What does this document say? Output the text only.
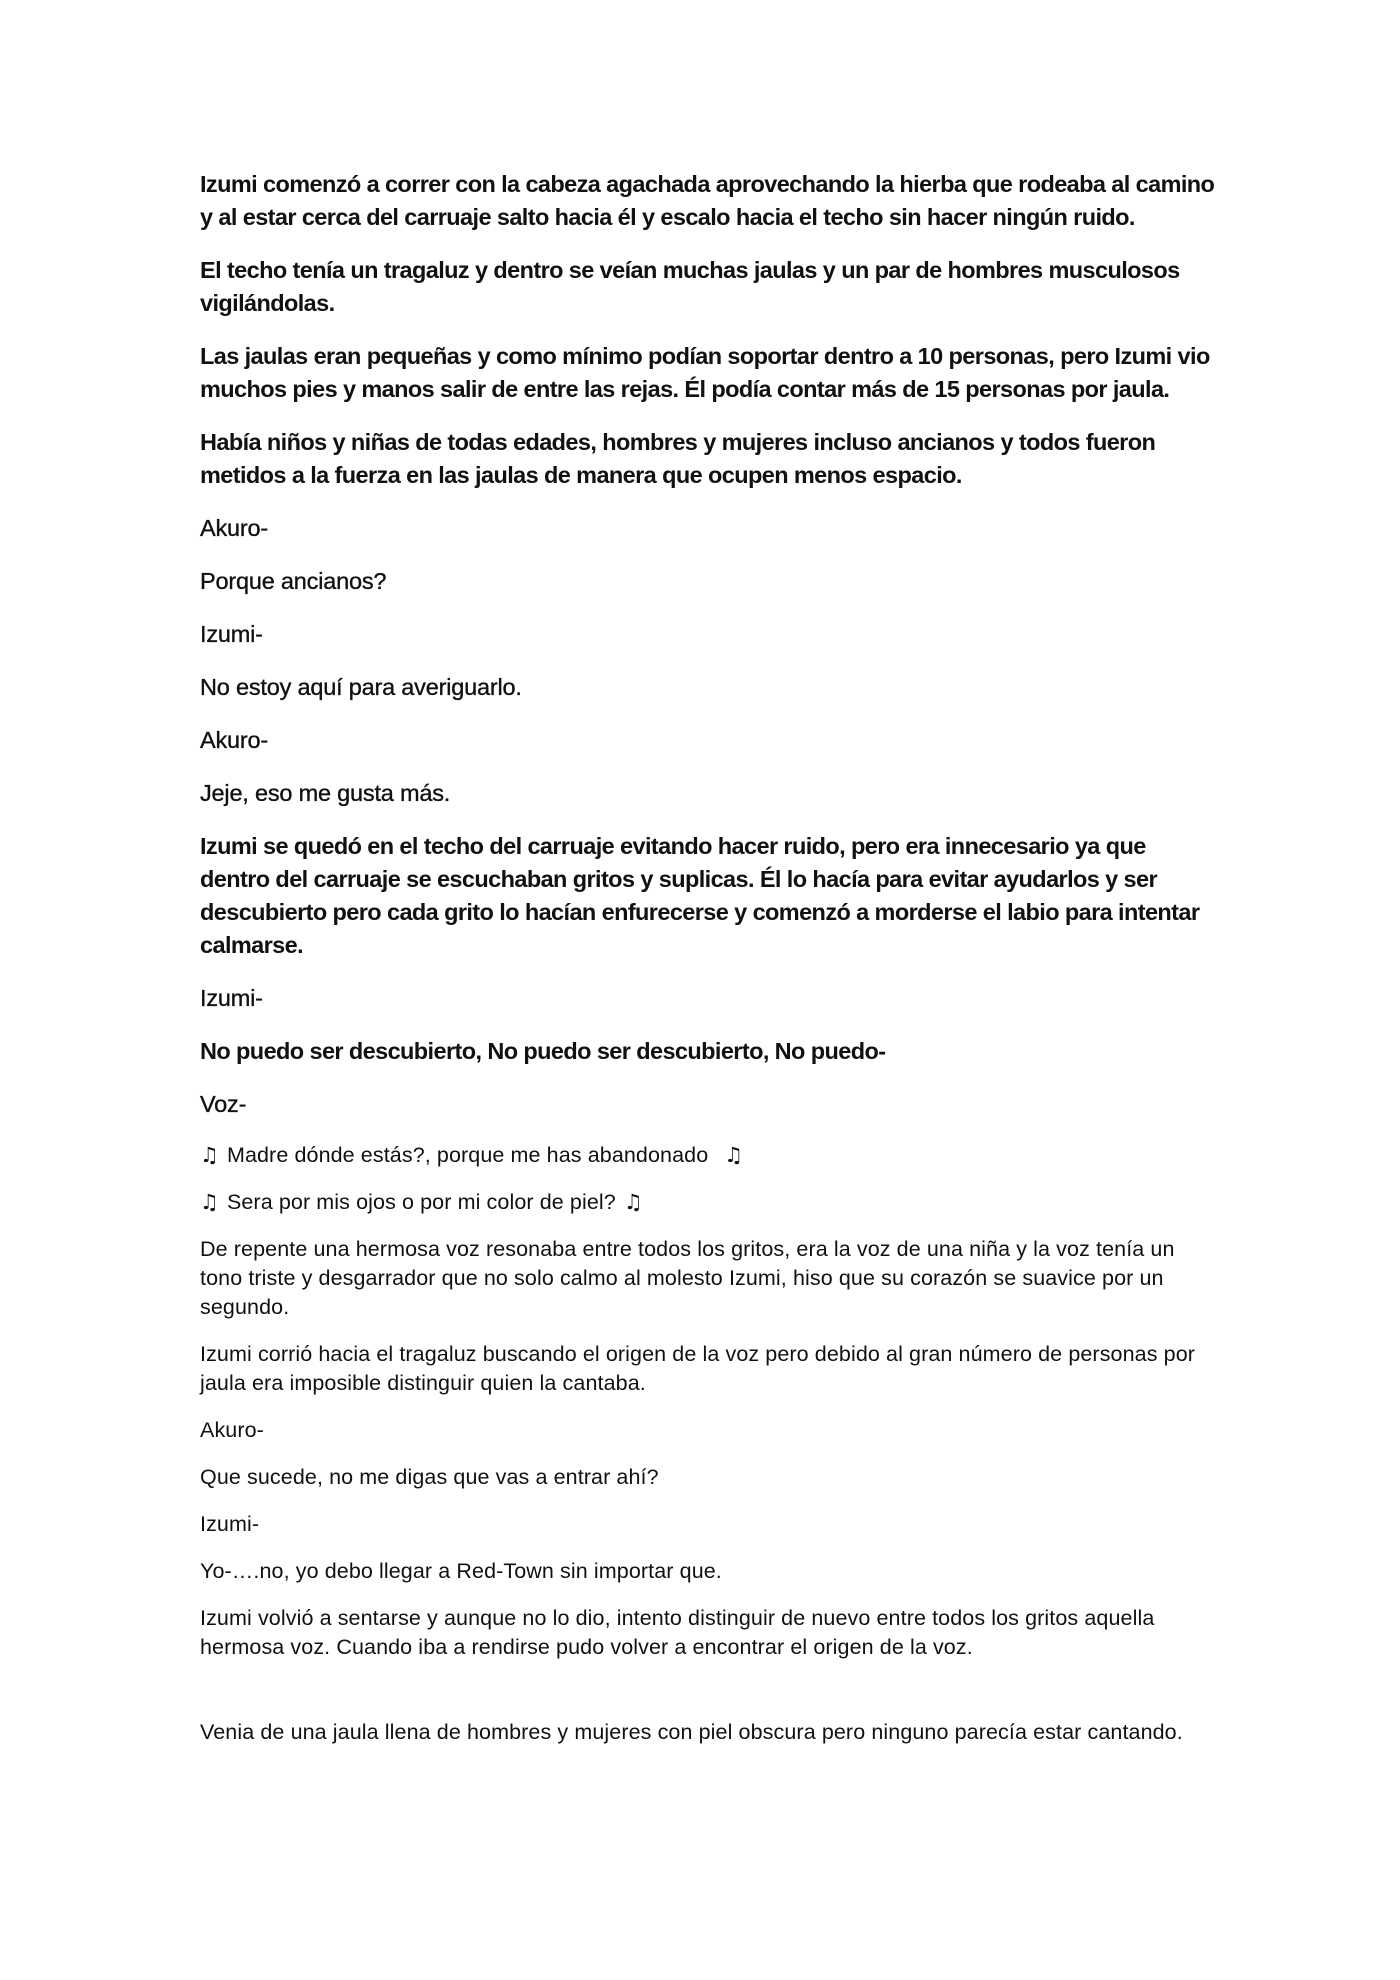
Izumi comenzó a correr con la cabeza agachada aprovechando la hierba que rodeaba al camino y al estar cerca del carruaje salto hacia él y escalo hacia el techo sin hacer ningún ruido.

El techo tenía un tragaluz y dentro se veían muchas jaulas y un par de hombres musculosos vigilándolas.

Las jaulas eran pequeñas y como mínimo podían soportar dentro a 10 personas, pero Izumi vio muchos pies y manos salir de entre las rejas. Él podía contar más de 15 personas por jaula.

Había niños y niñas de todas edades, hombres y mujeres incluso ancianos y todos fueron metidos a la fuerza en las jaulas de manera que ocupen menos espacio.

Akuro-

Porque ancianos?

Izumi-

No estoy aquí para averiguarlo.

Akuro-

Jeje, eso me gusta más.

Izumi se quedó en el techo del carruaje evitando hacer ruido, pero era innecesario ya que dentro del carruaje se escuchaban gritos y suplicas. Él lo hacía para evitar ayudarlos y ser descubierto pero cada grito lo hacían enfurecerse y comenzó a morderse el labio para intentar calmarse.

Izumi-

No puedo ser descubierto, No puedo ser descubierto, No puedo-

Voz-

♫ Madre dónde estás?, porque me has abandonado ♫

♫ Sera por mis ojos o por mi color de piel? ♫

De repente una hermosa voz resonaba entre todos los gritos, era la voz de una niña y la voz tenía un tono triste y desgarrador que no solo calmo al molesto Izumi, hiso que su corazón se suavice por un segundo.

Izumi corrió hacia el tragaluz buscando el origen de la voz pero debido al gran número de personas por jaula era imposible distinguir quien la cantaba.

Akuro-

Que sucede, no me digas que vas a entrar ahí?

Izumi-

Yo-….no, yo debo llegar a Red-Town sin importar que.

Izumi volvió a sentarse y aunque no lo dio, intento distinguir de nuevo entre todos los gritos aquella hermosa voz. Cuando iba a rendirse pudo volver a encontrar el origen de la voz.

Venia de una jaula llena de hombres y mujeres con piel obscura pero ninguno parecía estar cantando.
